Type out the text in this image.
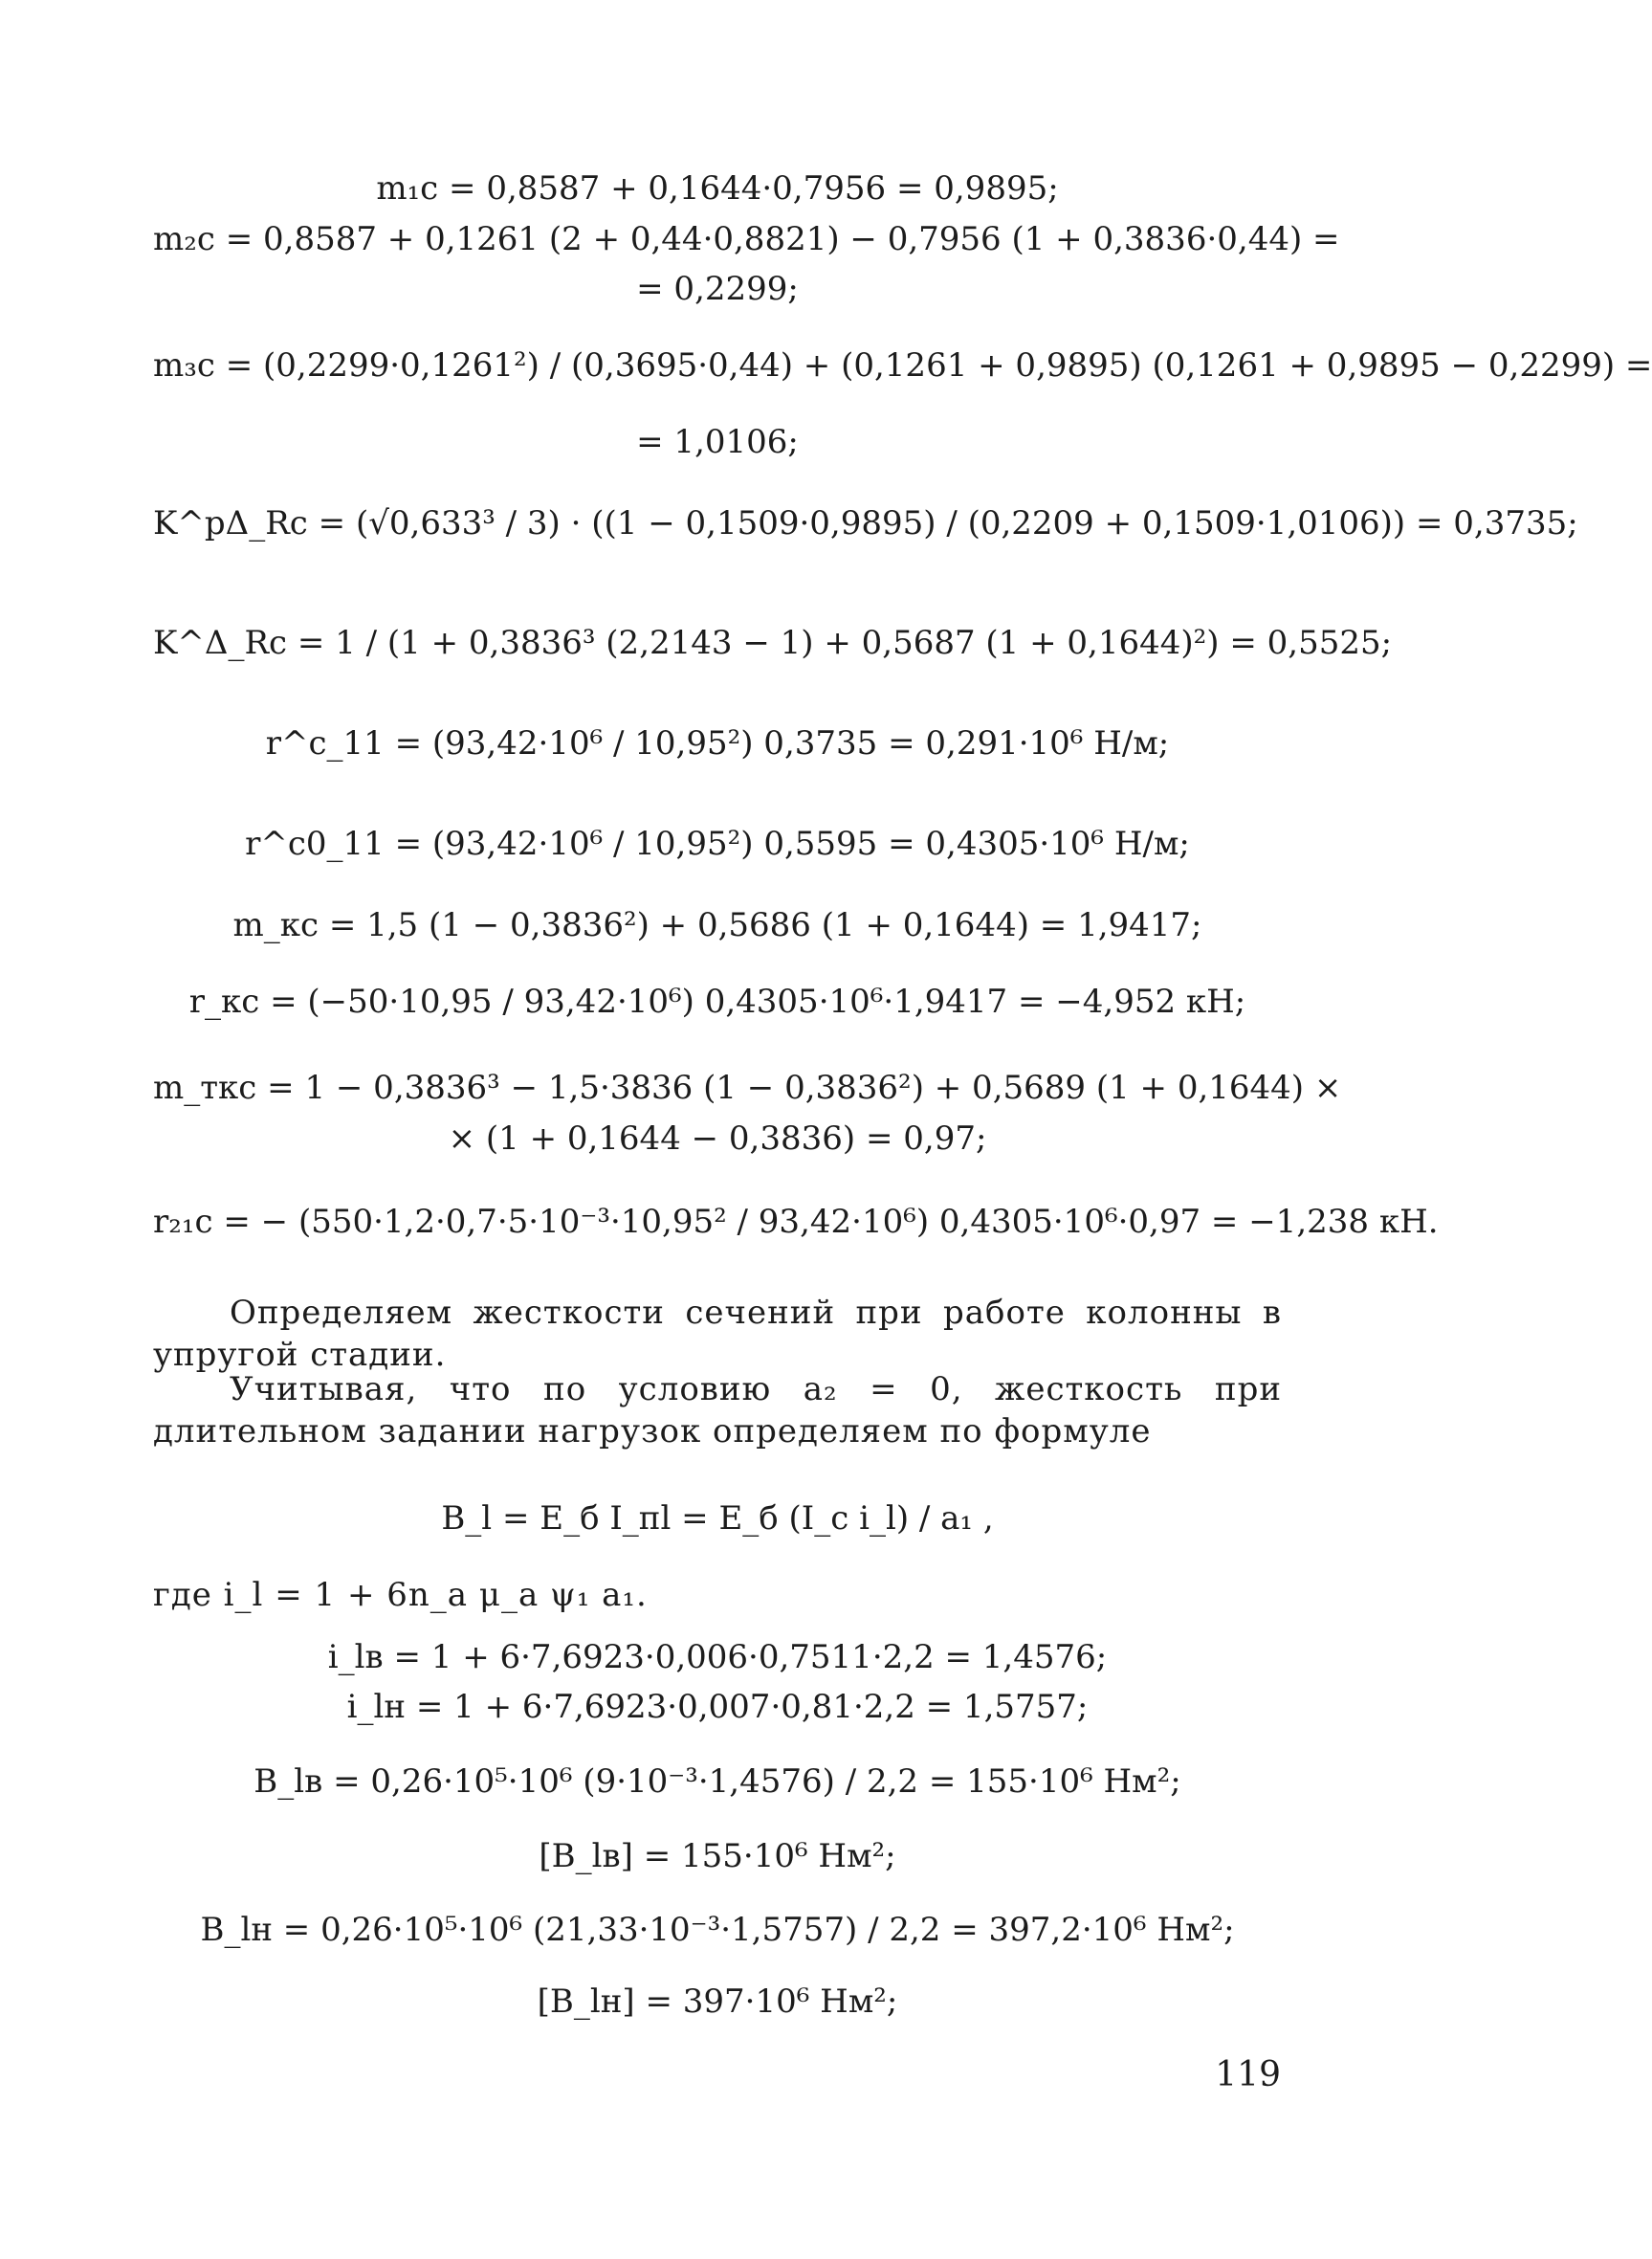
m₁c = 0,8587 + 0,1644·0,7956 = 0,9895;
m₂c = 0,8587 + 0,1261 (2 + 0,44·0,8821) − 0,7956 (1 + 0,3836·0,44) =
= 0,2299;
m₃c = (0,2299·0,1261²) / (0,3695·0,44) + (0,1261 + 0,9895) (0,1261 + 0,9895 − 0,2299) =
= 1,0106;
K^pΔ_Rc = (√0,633³ / 3) · ((1 − 0,1509·0,9895) / (0,2209 + 0,1509·1,0106)) = 0,3735;
K^Δ_Rc = 1 / (1 + 0,3836³ (2,2143 − 1) + 0,5687 (1 + 0,1644)²) = 0,5525;
r^c_11 = (93,42·10⁶ / 10,95²) 0,3735 = 0,291·10⁶ Н/м;
r^c0_11 = (93,42·10⁶ / 10,95²) 0,5595 = 0,4305·10⁶ Н/м;
m_кс = 1,5 (1 − 0,3836²) + 0,5686 (1 + 0,1644) = 1,9417;
r_кс = (−50·10,95 / 93,42·10⁶) 0,4305·10⁶·1,9417 = −4,952 кН;
m_ткс = 1 − 0,3836³ − 1,5·3836 (1 − 0,3836²) + 0,5689 (1 + 0,1644) ×
× (1 + 0,1644 − 0,3836) = 0,97;
r₂₁c = − (550·1,2·0,7·5·10⁻³·10,95² / 93,42·10⁶) 0,4305·10⁶·0,97 = −1,238 кН.
Определяем жесткости сечений при работе колонны в упругой стадии.
Учитывая, что по условию a₂ = 0, жесткость при длительном задании нагрузок определяем по формуле
B_l = E_б I_пl = E_б (I_c i_l) / a₁ ,
где i_l = 1 + 6n_a μ_a ψ₁ a₁.
i_lв = 1 + 6·7,6923·0,006·0,7511·2,2 = 1,4576;
i_lн = 1 + 6·7,6923·0,007·0,81·2,2 = 1,5757;
B_lв = 0,26·10⁵·10⁶ (9·10⁻³·1,4576) / 2,2 = 155·10⁶ Нм²;
[B_lв] = 155·10⁶ Нм²;
B_lн = 0,26·10⁵·10⁶ (21,33·10⁻³·1,5757) / 2,2 = 397,2·10⁶ Нм²;
[B_lн] = 397·10⁶ Нм²;
119
